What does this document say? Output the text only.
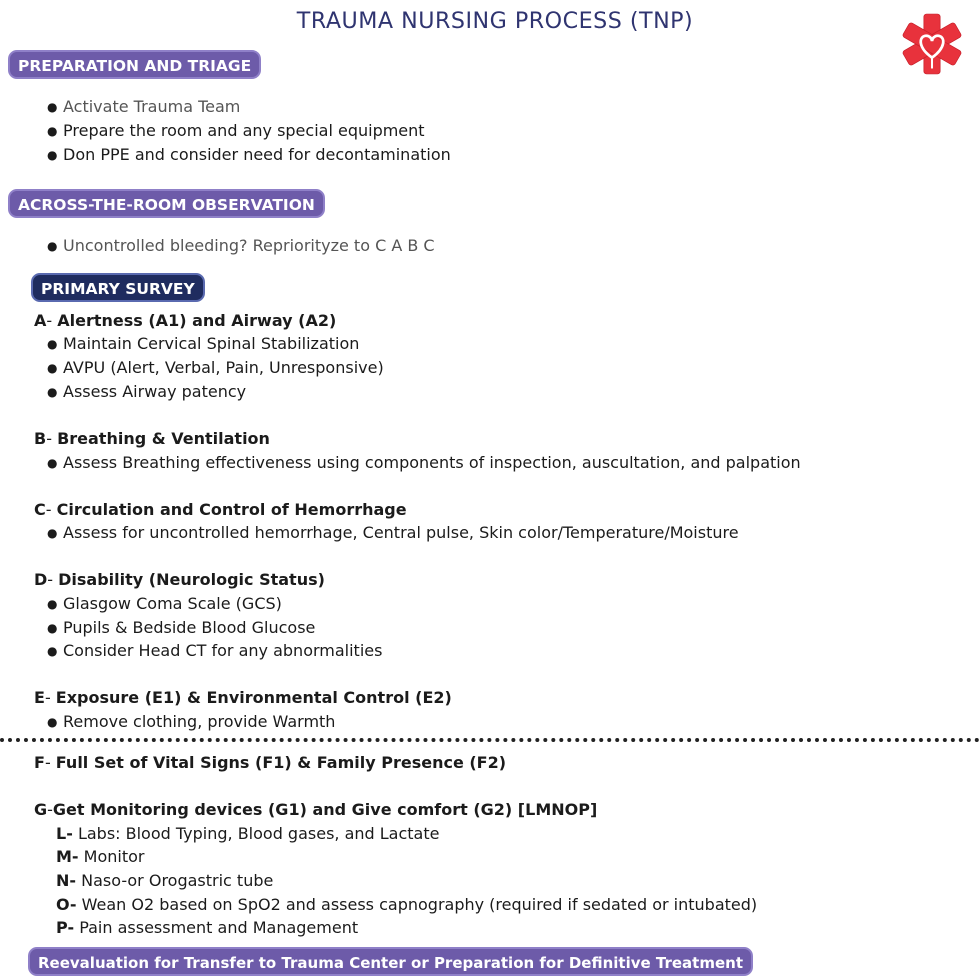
TRAUMA NURSING PROCESS (TNP)
PREPARATION AND TRIAGE
● Activate Trauma Team
● Prepare the room and any special equipment
● Don PPE and consider need for decontamination
ACROSS-THE-ROOM OBSERVATION
● Uncontrolled bleeding? Repriorityze to C A B C
PRIMARY SURVEY
A- Alertness (A1) and Airway (A2)
● Maintain Cervical Spinal Stabilization
● AVPU (Alert, Verbal, Pain, Unresponsive)
● Assess Airway patency
B- Breathing & Ventilation
● Assess Breathing effectiveness using components of inspection, auscultation, and palpation
C- Circulation and Control of Hemorrhage
● Assess for uncontrolled hemorrhage, Central pulse, Skin color/Temperature/Moisture
D- Disability (Neurologic Status)
● Glasgow Coma Scale (GCS)
● Pupils & Bedside Blood Glucose
● Consider Head CT for any abnormalities
E- Exposure (E1) & Environmental Control (E2)
● Remove clothing, provide Warmth
F- Full Set of Vital Signs (F1) & Family Presence (F2)
G-Get Monitoring devices (G1) and Give comfort (G2) [LMNOP]
L- Labs: Blood Typing, Blood gases, and Lactate
M- Monitor
N- Naso-or Orogastric tube
O- Wean O2 based on SpO2 and assess capnography (required if sedated or intubated)
P- Pain assessment and Management
Reevaluation for Transfer to Trauma Center or Preparation for Definitive Treatment
